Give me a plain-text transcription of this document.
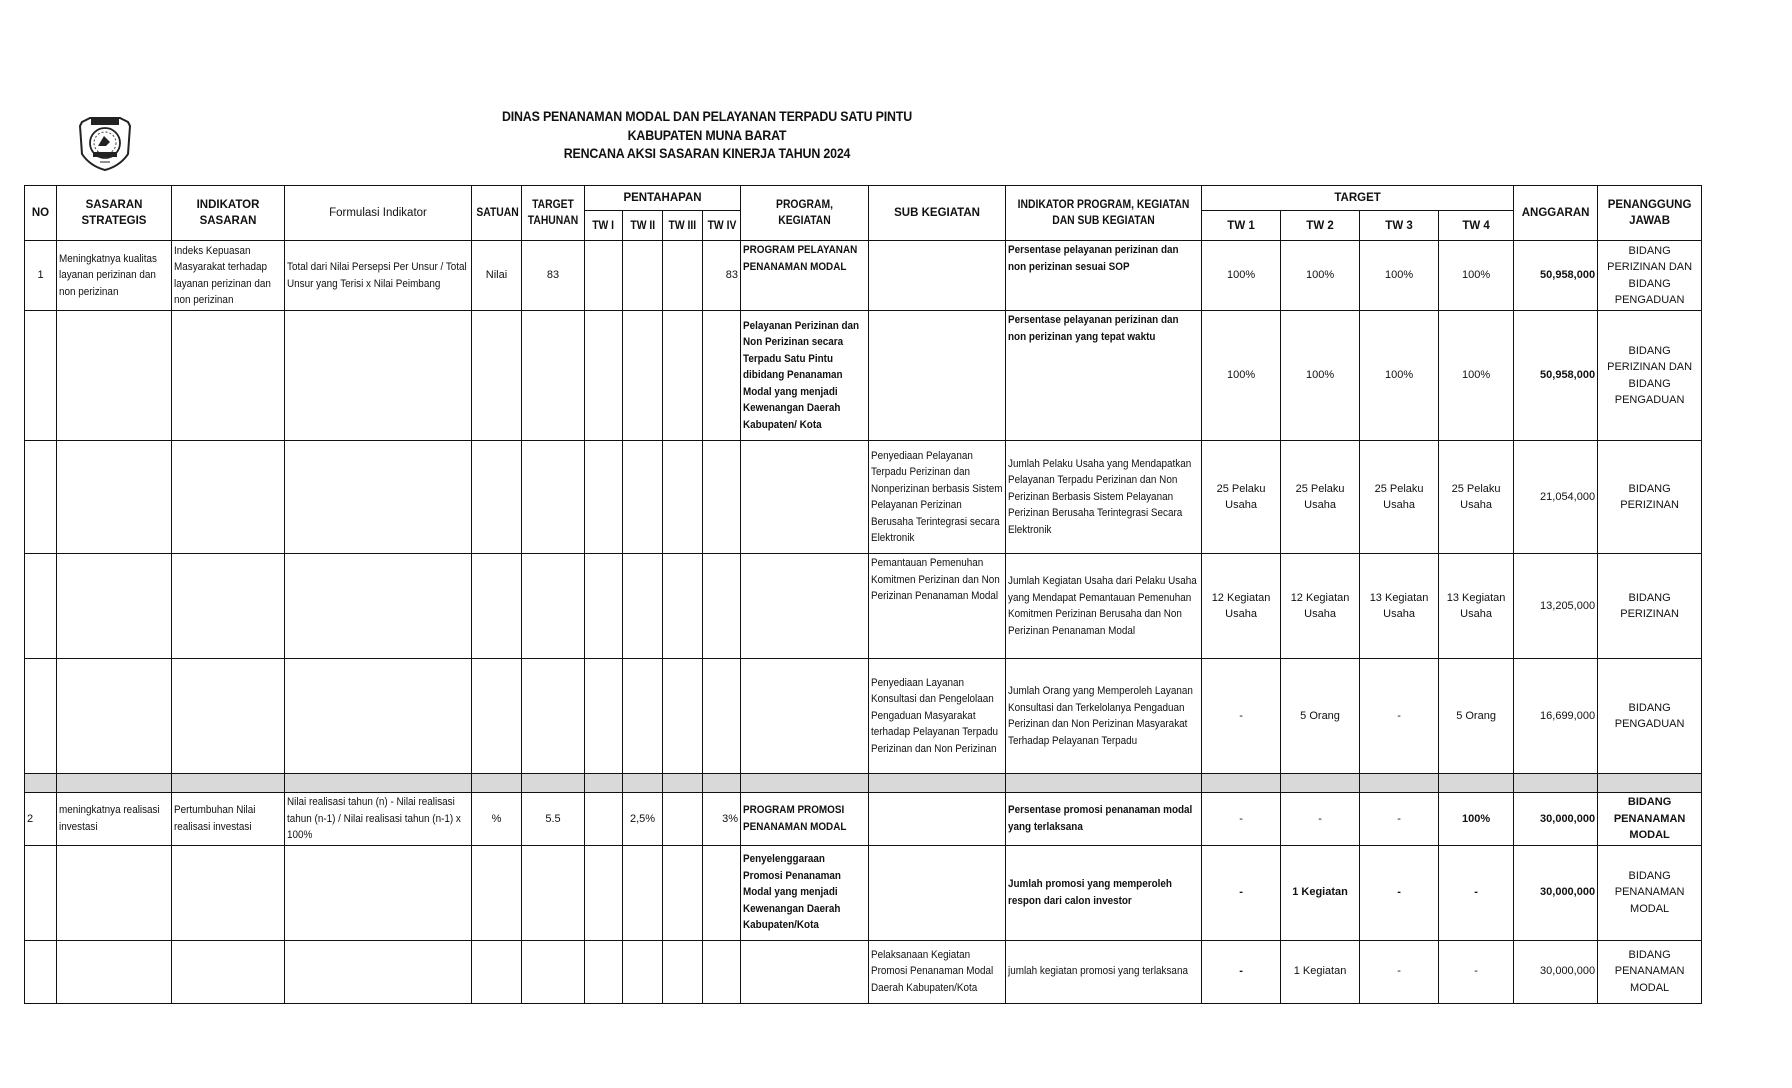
DINAS PENANAMAN MODAL DAN PELAYANAN TERPADU SATU PINTU
KABUPATEN MUNA BARAT
RENCANA AKSI SASARAN KINERJA TAHUN 2024
NO	SASARAN STRATEGIS	INDIKATOR SASARAN	Formulasi Indikator	SATUAN	TARGET TAHUNAN	PENTAHAPAN				PROGRAM, KEGIATAN	SUB KEGIATAN	INDIKATOR PROGRAM, KEGIATAN DAN SUB KEGIATAN	TARGET				ANGGARAN	PENANGGUNG JAWAB
						TW I	TW II	TW III	TW IV				TW 1	TW 2	TW 3	TW 4		
1	Meningkatnya kualitas layanan perizinan dan non perizinan	Indeks Kepuasan Masyarakat terhadap layanan perizinan dan non perizinan	Total dari Nilai Persepsi Per Unsur / Total Unsur yang Terisi x Nilai Peimbang	Nilai	83				83	PROGRAM PELAYANAN PENANAMAN MODAL		Persentase pelayanan perizinan dan non perizinan sesuai SOP	100%	100%	100%	100%	50,958,000	BIDANG PERIZINAN DAN BIDANG PENGADUAN
										Pelayanan Perizinan dan Non Perizinan secara Terpadu Satu Pintu dibidang Penanaman Modal yang menjadi Kewenangan Daerah Kabupaten/ Kota		Persentase pelayanan perizinan dan non perizinan yang tepat waktu	100%	100%	100%	100%	50,958,000	BIDANG PERIZINAN DAN BIDANG PENGADUAN
											Penyediaan Pelayanan Terpadu Perizinan dan Nonperizinan berbasis Sistem Pelayanan Perizinan Berusaha Terintegrasi secara Elektronik	Jumlah Pelaku Usaha yang Mendapatkan Pelayanan Terpadu Perizinan dan Non Perizinan Berbasis Sistem Pelayanan Perizinan Berusaha Terintegrasi Secara Elektronik	25 Pelaku Usaha	25 Pelaku Usaha	25 Pelaku Usaha	25 Pelaku Usaha	21,054,000	BIDANG PERIZINAN
											Pemantauan Pemenuhan Komitmen Perizinan dan Non Perizinan Penanaman Modal	Jumlah Kegiatan Usaha dari Pelaku Usaha yang Mendapat Pemantauan Pemenuhan Komitmen Perizinan Berusaha dan Non Perizinan Penanaman Modal	12 Kegiatan Usaha	12 Kegiatan Usaha	13 Kegiatan Usaha	13 Kegiatan Usaha	13,205,000	BIDANG PERIZINAN
											Penyediaan Layanan Konsultasi dan Pengelolaan Pengaduan Masyarakat terhadap Pelayanan Terpadu Perizinan dan Non Perizinan	Jumlah Orang yang Memperoleh Layanan Konsultasi dan Terkelolanya Pengaduan Perizinan dan Non Perizinan Masyarakat Terhadap Pelayanan Terpadu	-	5 Orang	-	5 Orang	16,699,000	BIDANG PENGADUAN

2	meningkatnya realisasi investasi	Pertumbuhan Nilai realisasi investasi	Nilai realisasi tahun (n) - Nilai realisasi tahun (n-1) / Nilai realisasi tahun (n-1) x 100%	%	5.5		2,5%		3%	PROGRAM PROMOSI PENANAMAN MODAL		Persentase promosi penanaman modal yang terlaksana	-	-	-	100%	30,000,000	BIDANG PENANAMAN MODAL
										Penyelenggaraan Promosi Penanaman Modal yang menjadi Kewenangan Daerah Kabupaten/Kota		Jumlah promosi yang memperoleh respon dari calon investor	-	1 Kegiatan	-	-	30,000,000	BIDANG PENANAMAN MODAL
											Pelaksanaan Kegiatan Promosi Penanaman Modal Daerah Kabupaten/Kota	jumlah kegiatan promosi yang terlaksana	-	1 Kegiatan	-	-	30,000,000	BIDANG PENANAMAN MODAL
